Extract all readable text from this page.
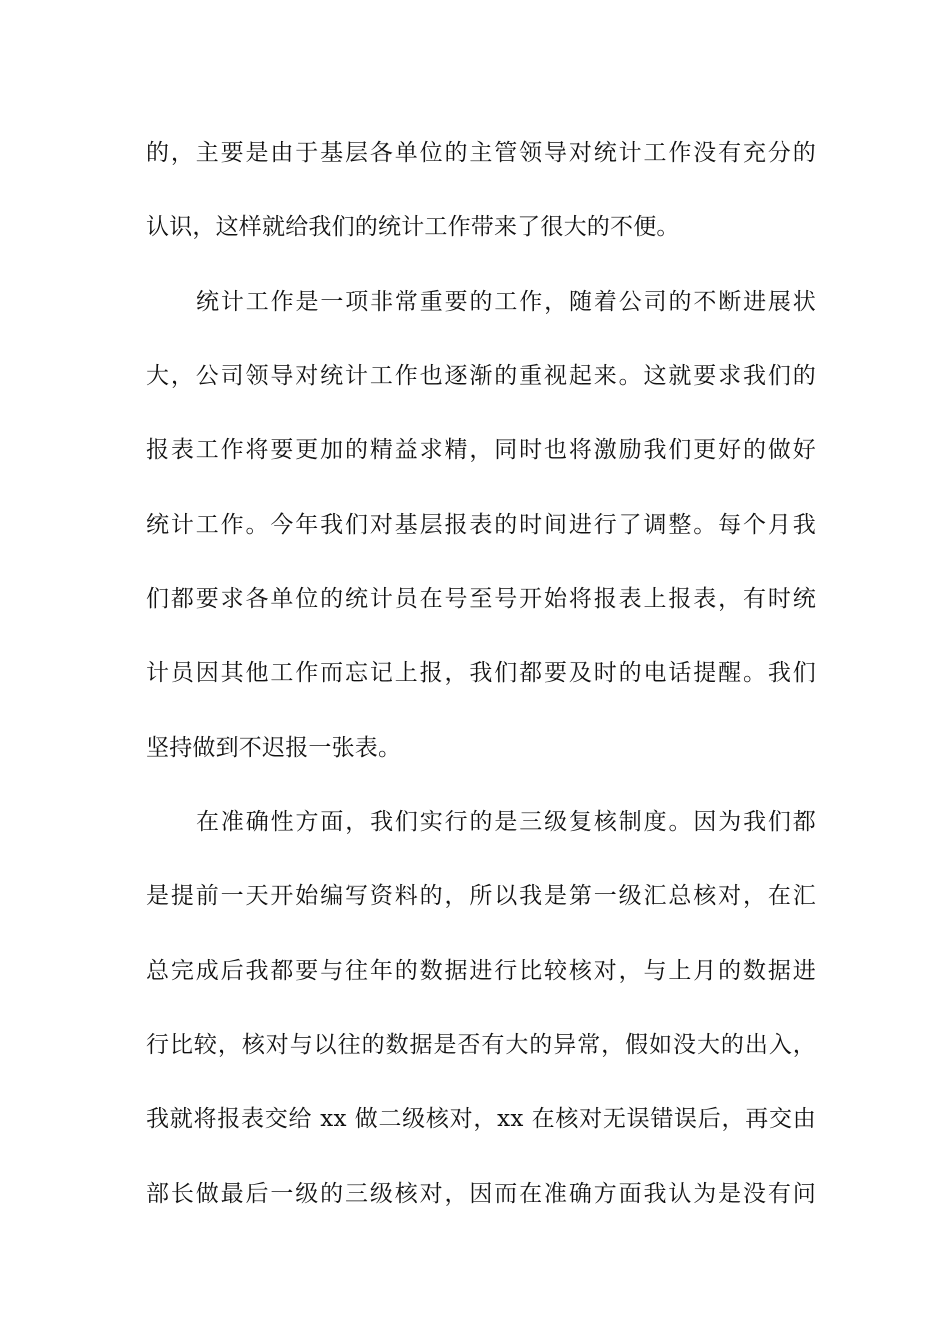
的，主要是由于基层各单位的主管领导对统计工作没有充分的
认识，这样就给我们的统计工作带来了很大的不便。
统计工作是一项非常重要的工作，随着公司的不断进展状
大，公司领导对统计工作也逐渐的重视起来。这就要求我们的
报表工作将要更加的精益求精，同时也将激励我们更好的做好
统计工作。今年我们对基层报表的时间进行了调整。每个月我
们都要求各单位的统计员在号至号开始将报表上报表，有时统
计员因其他工作而忘记上报，我们都要及时的电话提醒。我们
坚持做到不迟报一张表。
在准确性方面，我们实行的是三级复核制度。因为我们都
是提前一天开始编写资料的，所以我是第一级汇总核对，在汇
总完成后我都要与往年的数据进行比较核对，与上月的数据进
行比较，核对与以往的数据是否有大的异常，假如没大的出入，
我就将报表交给 xx 做二级核对，xx 在核对无误错误后，再交由
部长做最后一级的三级核对，因而在准确方面我认为是没有问
